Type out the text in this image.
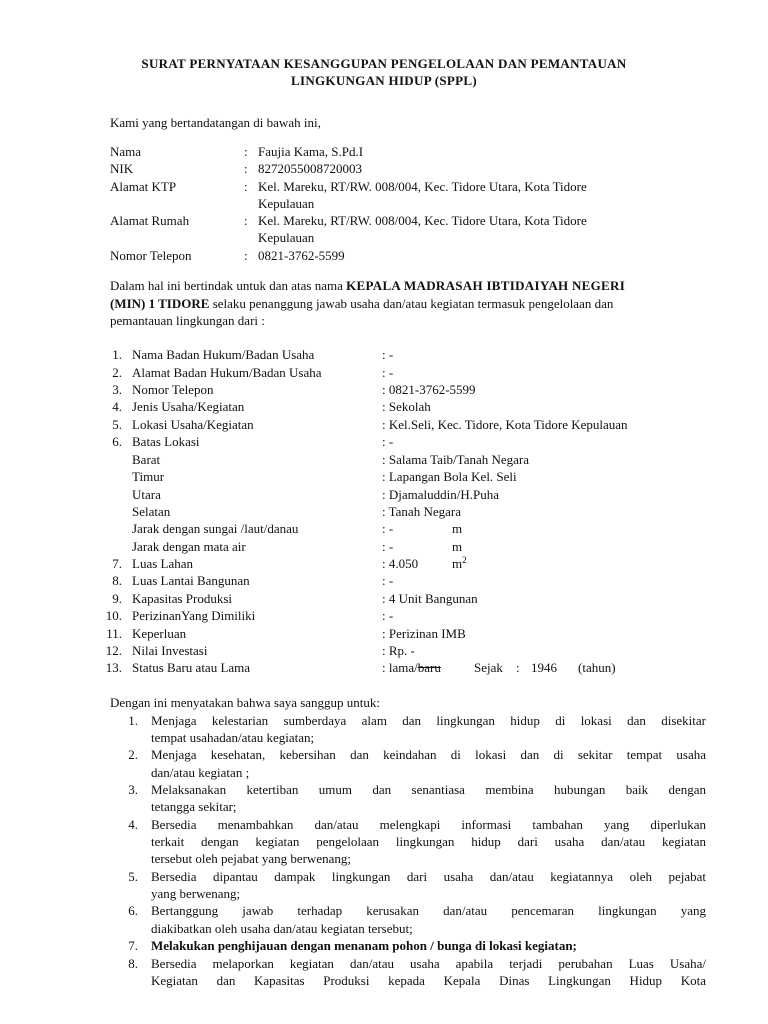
SURAT PERNYATAAN KESANGGUPAN PENGELOLAAN DAN PEMANTAUAN
LINGKUNGAN HIDUP (SPPL)
Kami yang bertandatangan di bawah ini,
Nama	: Faujia Kama, S.Pd.I
NIK	: 8272055008720003
Alamat KTP	: Kel. Mareku, RT/RW. 008/004, Kec. Tidore Utara, Kota Tidore
Kepulauan
Alamat Rumah	: Kel. Mareku, RT/RW. 008/004, Kec. Tidore Utara, Kota Tidore
Kepulauan
Nomor Telepon	: 0821-3762-5599
Dalam hal ini bertindak untuk dan atas nama KEPALA MADRASAH IBTIDAIYAH NEGERI
(MIN) 1 TIDORE selaku penanggung jawab usaha dan/atau kegiatan termasuk pengelolaan dan
pemantauan lingkungan dari :
1. Nama Badan Hukum/Badan Usaha	: -
2. Alamat Badan Hukum/Badan Usaha	: -
3. Nomor Telepon	: 0821-3762-5599
4. Jenis Usaha/Kegiatan	: Sekolah
5. Lokasi Usaha/Kegiatan	: Kel.Seli, Kec. Tidore, Kota Tidore Kepulauan
6. Batas Lokasi	: -
Barat	: Salama Taib/Tanah Negara
Timur	: Lapangan Bola Kel. Seli
Utara	: Djamaluddin/H.Puha
Selatan	: Tanah Negara
Jarak dengan sungai /laut/danau	: -	m
Jarak dengan mata air	: -	m
7. Luas Lahan	: 4.050	$m^2$
8. Luas Lantai Bangunan	: -
9. Kapasitas Produksi	: 4 Unit Bangunan
10. PerizinanYang Dimiliki	: -
11. Keperluan	: Perizinan IMB
12. Nilai Investasi	: Rp. -
13. Status Baru atau Lama	: lama/baru	Sejak : 1946 (tahun)
Dengan ini menyatakan bahwa saya sanggup untuk:
1. Menjaga kelestarian sumberdaya alam dan lingkungan hidup di lokasi dan disekitar
tempat usahadan/atau kegiatan;
2. Menjaga kesehatan, kebersihan dan keindahan di lokasi dan di sekitar tempat usaha
dan/atau kegiatan ;
3. Melaksanakan ketertiban umum dan senantiasa membina hubungan baik dengan
tetangga sekitar;
4. Bersedia menambahkan dan/atau melengkapi informasi tambahan yang diperlukan
terkait dengan kegiatan pengelolaan lingkungan hidup dari usaha dan/atau kegiatan
tersebut oleh pejabat yang berwenang;
5. Bersedia dipantau dampak lingkungan dari usaha dan/atau kegiatannya oleh pejabat
yang berwenang;
6. Bertanggung jawab terhadap kerusakan dan/atau pencemaran lingkungan yang
diakibatkan oleh usaha dan/atau kegiatan tersebut;
7. Melakukan penghijauan dengan menanam pohon / bunga di lokasi kegiatan;
8. Bersedia melaporkan kegiatan dan/atau usaha apabila terjadi perubahan Luas Usaha/
Kegiatan dan Kapasitas Produksi kepada Kepala Dinas Lingkungan Hidup Kota
